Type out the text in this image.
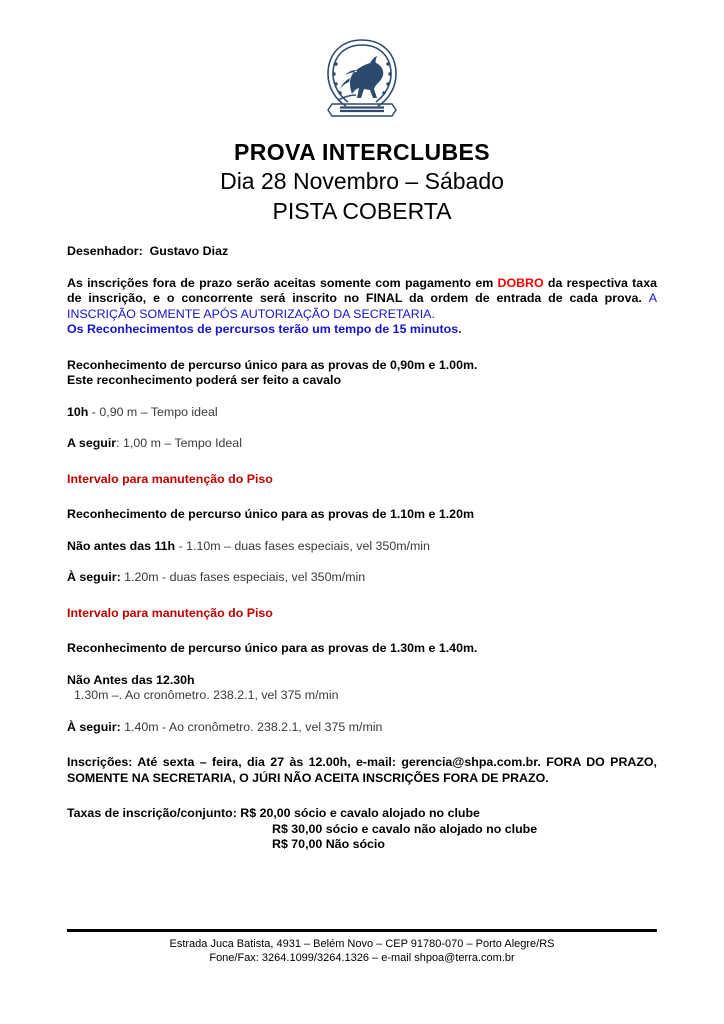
PROVA INTERCLUBES
Dia 28 Novembro – Sábado
PISTA COBERTA
Desenhador: Gustavo Diaz
As inscrições fora de prazo serão aceitas somente com pagamento em DOBRO da respectiva taxa de inscrição, e o concorrente será inscrito no FINAL da ordem de entrada de cada prova. A INSCRIÇÃO SOMENTE APÓS AUTORIZAÇÃO DA SECRETARIA.
Os Reconhecimentos de percursos terão um tempo de 15 minutos.
Reconhecimento de percurso único para as provas de 0,90m e 1.00m.
Este reconhecimento poderá ser feito a cavalo
10h - 0,90 m – Tempo ideal
A seguir: 1,00 m – Tempo Ideal
Intervalo para manutenção do Piso
Reconhecimento de percurso único para as provas de 1.10m e 1.20m
Não antes das 11h - 1.10m – duas fases especiais, vel 350m/min
À seguir: 1.20m - duas fases especiais, vel 350m/min
Intervalo para manutenção do Piso
Reconhecimento de percurso único para as provas de 1.30m e 1.40m.
Não Antes das 12.30h
1.30m –. Ao cronômetro. 238.2.1, vel 375 m/min
À seguir: 1.40m - Ao cronômetro. 238.2.1, vel 375 m/min
Inscrições: Até sexta – feira, dia 27 às 12.00h, e-mail: gerencia@shpa.com.br. FORA DO PRAZO, SOMENTE NA SECRETARIA, O JÚRI NÃO ACEITA INSCRIÇÕES FORA DE PRAZO.
Taxas de inscrição/conjunto: R$ 20,00 sócio e cavalo alojado no clube
R$ 30,00 sócio e cavalo não alojado no clube
R$ 70,00 Não sócio
Estrada Juca Batista, 4931 – Belém Novo – CEP 91780-070 – Porto Alegre/RS
Fone/Fax: 3264.1099/3264.1326 – e-mail shpoa@terra.com.br
